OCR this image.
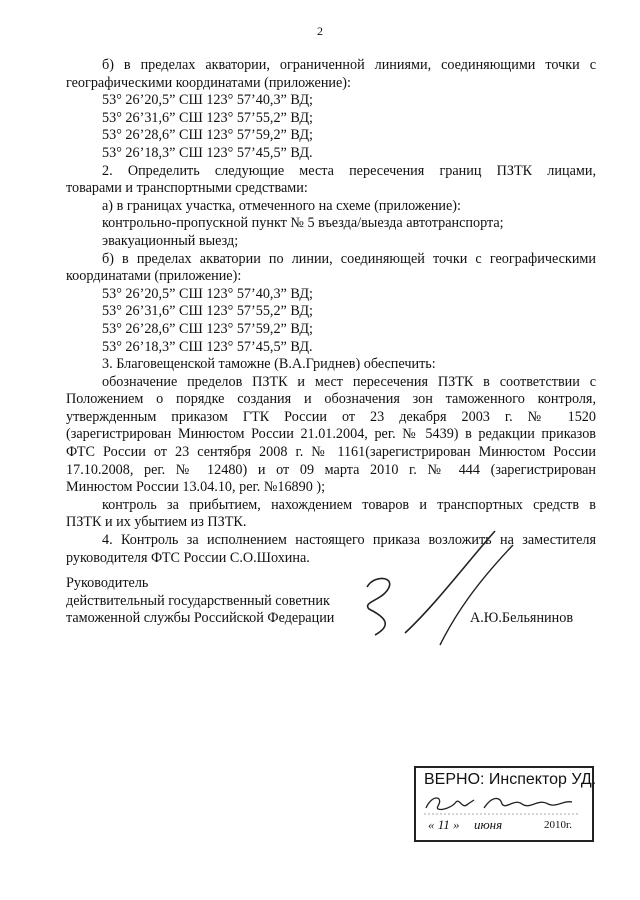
2
б) в пределах акватории, ограниченной линиями, соединяющими точки с
географическими координатами (приложение):
53° 26’20,5” СШ 123° 57’40,3” ВД;
53° 26’31,6” СШ 123° 57’55,2” ВД;
53° 26’28,6” СШ 123° 57’59,2” ВД;
53° 26’18,3” СШ 123° 57’45,5” ВД.
2. Определить следующие места пересечения границ ПЗТК лицами,
товарами и транспортными средствами:
а) в границах участка, отмеченного на схеме (приложение):
контрольно-пропускной пункт № 5 въезда/выезда автотранспорта;
эвакуационный выезд;
б) в пределах акватории по линии, соединяющей точки с географическими
координатами (приложение):
53° 26’20,5” СШ 123° 57’40,3” ВД;
53° 26’31,6” СШ 123° 57’55,2” ВД;
53° 26’28,6” СШ 123° 57’59,2” ВД;
53° 26’18,3” СШ 123° 57’45,5” ВД.
3. Благовещенской таможне (В.А.Гриднев) обеспечить:
обозначение пределов ПЗТК и мест пересечения ПЗТК в соответствии с
Положением о порядке создания и обозначения зон таможенного контроля,
утвержденным приказом ГТК России от 23 декабря 2003 г. № 1520
(зарегистрирован Минюстом России 21.01.2004, рег. № 5439) в редакции приказов
ФТС России от 23 сентября 2008 г. № 1161(зарегистрирован Минюстом России
17.10.2008, рег. № 12480) и от 09 марта 2010 г. № 444 (зарегистрирован
Минюстом России 13.04.10, рег. №16890 );
контроль за прибытием, нахождением товаров и транспортных средств в
ПЗТК и их убытием из ПЗТК.
4. Контроль за исполнением настоящего приказа возложить на заместителя
руководителя ФТС России С.О.Шохина.
Руководитель
действительный государственный советник
таможенной службы Российской Федерации	А.Ю.Бельянинов
ВЕРНО: Инспектор УД.
« 11 » июня	2010г.
